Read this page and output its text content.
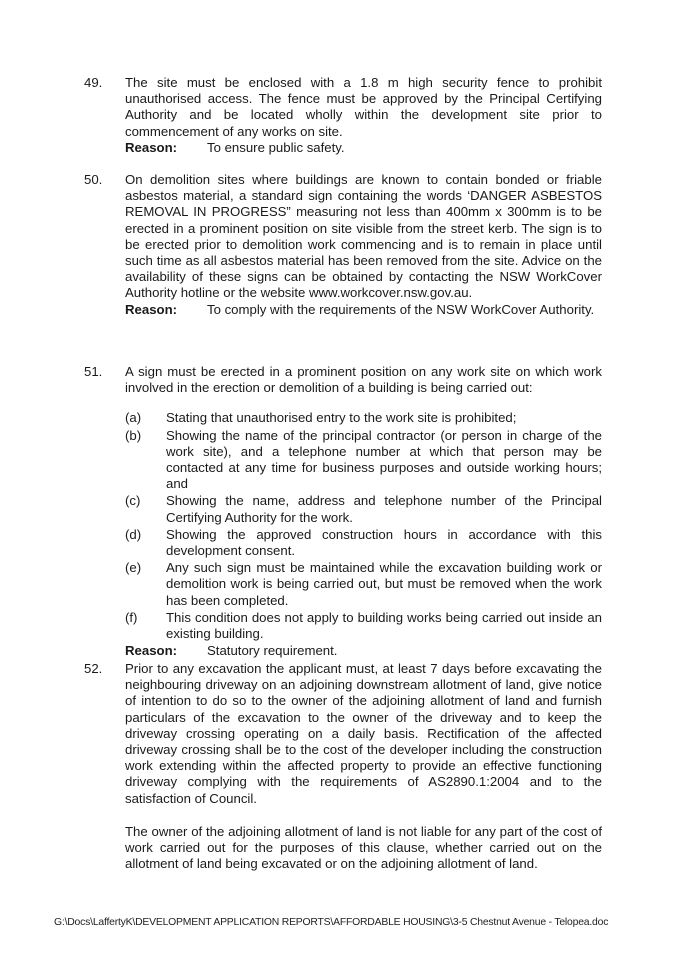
49. The site must be enclosed with a 1.8 m high security fence to prohibit unauthorised access. The fence must be approved by the Principal Certifying Authority and be located wholly within the development site prior to commencement of any works on site.
Reason:	To ensure public safety.
50. On demolition sites where buildings are known to contain bonded or friable asbestos material, a standard sign containing the words ‘DANGER ASBESTOS REMOVAL IN PROGRESS” measuring not less than 400mm x 300mm is to be erected in a prominent position on site visible from the street kerb. The sign is to be erected prior to demolition work commencing and is to remain in place until such time as all asbestos material has been removed from the site. Advice on the availability of these signs can be obtained by contacting the NSW WorkCover Authority hotline or the website www.workcover.nsw.gov.au.
Reason:	To comply with the requirements of the NSW WorkCover Authority.
51. A sign must be erected in a prominent position on any work site on which work involved in the erection or demolition of a building is being carried out:
(a)	Stating that unauthorised entry to the work site is prohibited;
(b)	Showing the name of the principal contractor (or person in charge of the work site), and a telephone number at which that person may be contacted at any time for business purposes and outside working hours; and
(c)	Showing the name, address and telephone number of the Principal Certifying Authority for the work.
(d)	Showing the approved construction hours in accordance with this development consent.
(e)	Any such sign must be maintained while the excavation building work or demolition work is being carried out, but must be removed when the work has been completed.
(f)	This condition does not apply to building works being carried out inside an existing building.
Reason:	Statutory requirement.
52. Prior to any excavation the applicant must, at least 7 days before excavating the neighbouring driveway on an adjoining downstream allotment of land, give notice of intention to do so to the owner of the adjoining allotment of land and furnish particulars of the excavation to the owner of the driveway and to keep the driveway crossing operating on a daily basis. Rectification of the affected driveway crossing shall be to the cost of the developer including the construction work extending within the affected property to provide an effective functioning driveway complying with the requirements of AS2890.1:2004 and to the satisfaction of Council.
The owner of the adjoining allotment of land is not liable for any part of the cost of work carried out for the purposes of this clause, whether carried out on the allotment of land being excavated or on the adjoining allotment of land.
G:\Docs\LaffertyK\DEVELOPMENT APPLICATION REPORTS\AFFORDABLE HOUSING\3-5 Chestnut Avenue - Telopea.doc
